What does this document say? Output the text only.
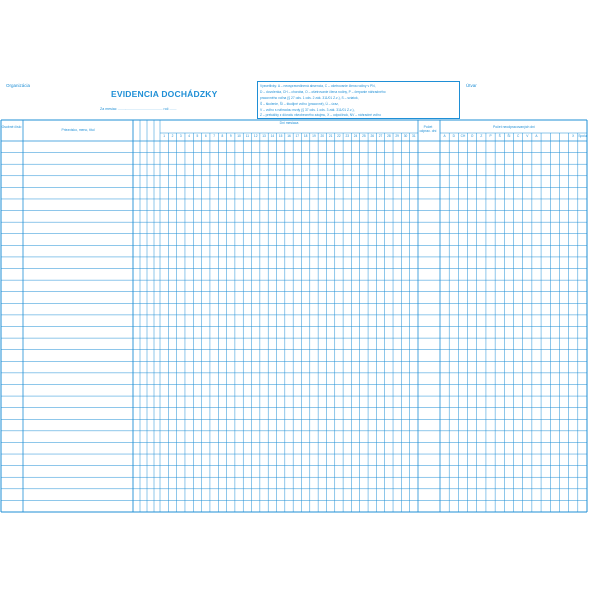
Organizácia
EVIDENCIA DOCHÁDZKY
Za mesiac ............................................. roč .......
Útvar
Vysvetlivky: A – neospravedlnená absencia, C – ošetrovanie člena rodiny v PN,
D – dovolenka, CH – choroba, O – ošetrovanie člena rodiny, P – čerpanie náhradného
pracovného voľna (§ 27 ods. 1 ods. 2 zák. 311/01 Z.z.), S – sviatok,
Š – školenie, ŠI – študijné voľno (pracovné), Ú – úraz,
V – voľno s náhradou mzdy (§ 37 ods. 1 ods. 3 zák. 311/01 Z.z.),
Z – prekážky z dôvodu všeobecného záujmu, X – odpočinok, NV – náhradné voľno
Osobné číslo
Priezvisko, meno, titul
Dni mesiaca
Počet odprac. dní
Počet neodpracovaných dní
1	2	3	4	5	6	7	8	9	10	11	12	13	14	15	16	17	18	19	20	21	22	23	24	25	26	27	28	29	30	31	A	D	CH	O	Z	P	Š	ŠI	C	V	A	X	Spolu
